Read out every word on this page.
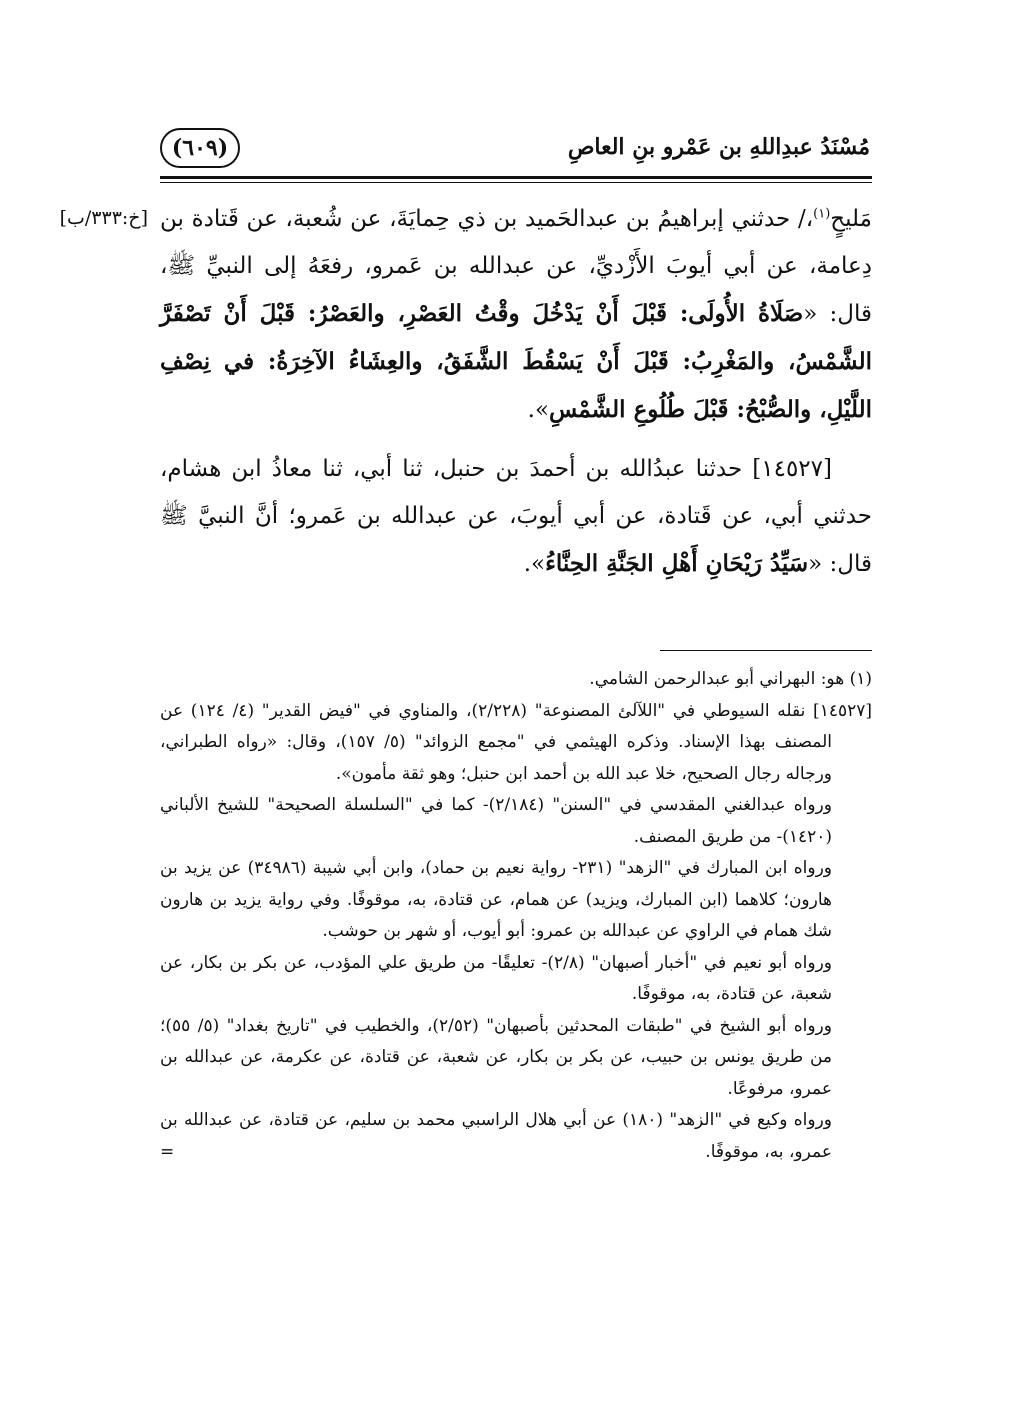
مُسْنَدُ عبدِاللهِ بن عَمْرو بنِ العاصِ
(٦٠٩)
[خ:٣٣٣/ب]	مَليحٍ$^{(١)}$،/ حدثني إبراهيمُ بن عبدالحَميد بن ذي حِمايَةَ، عن شُعبة، عن قَتادة بن دِعامة، عن أبي أيوبَ الأَزْديِّ، عن عبدالله بن عَمرو، رفعَهُ إلى النبيِّ ﷺ، قال: «صَلَاةُ الأُولَى: قَبْلَ أَنْ يَدْخُلَ وقْتُ العَصْرِ، والعَصْرُ: قَبْلَ أَنْ تَصْفَرَّ الشَّمْسُ، والمَغْرِبُ: قَبْلَ أَنْ يَسْقُطَ الشَّفَقُ، والعِشَاءُ الآخِرَةُ: في نِصْفِ اللَّيْلِ، والصُّبْحُ: قَبْلَ طُلُوعِ الشَّمْسِ».

[١٤٥٢٧] حدثنا عبدُالله بن أحمدَ بن حنبل، ثنا أبي، ثنا معاذُ ابن هشام، حدثني أبي، عن قَتادة، عن أبي أيوبَ، عن عبدالله بن عَمرو؛ أنَّ النبيَّ ﷺ قال: «سَيِّدُ رَيْحَانِ أَهْلِ الجَنَّةِ الحِنَّاءُ».

(١) هو: البهراني أبو عبدالرحمن الشامي.

[١٤٥٢٧] نقله السيوطي في "اللآلئ المصنوعة" (٢/٢٢٨)، والمناوي في "فيض القدير" (٤/ ١٢٤) عن المصنف بهذا الإسناد. وذكره الهيثمي في "مجمع الزوائد" (٥/ ١٥٧)، وقال: «رواه الطبراني، ورجاله رجال الصحيح، خلا عبد الله بن أحمد ابن حنبل؛ وهو ثقة مأمون».

ورواه عبدالغني المقدسي في "السنن" (٢/١٨٤)- كما في "السلسلة الصحيحة" للشيخ الألباني (١٤٢٠)- من طريق المصنف.

ورواه ابن المبارك في "الزهد" (٢٣١- رواية نعيم بن حماد)، وابن أبي شيبة (٣٤٩٨٦) عن يزيد بن هارون؛ كلاهما (ابن المبارك، ويزيد) عن همام، عن قتادة، به، موقوفًا. وفي رواية يزيد بن هارون شك همام في الراوي عن عبدالله بن عمرو: أبو أيوب، أو شهر بن حوشب.

ورواه أبو نعيم في "أخبار أصبهان" (٢/٨)- تعليقًا- من طريق علي المؤدب، عن بكر بن بكار، عن شعبة، عن قتادة، به، موقوفًا.

ورواه أبو الشيخ في "طبقات المحدثين بأصبهان" (٢/٥٢)، والخطيب في "تاريخ بغداد" (٥/ ٥٥)؛ من طريق يونس بن حبيب، عن بكر بن بكار، عن شعبة، عن قتادة، عن عكرمة، عن عبدالله بن عمرو، مرفوعًا.

ورواه وكيع في "الزهد" (١٨٠) عن أبي هلال الراسبي محمد بن سليم، عن قتادة، عن عبدالله بن عمرو، به، موقوفًا.
=
